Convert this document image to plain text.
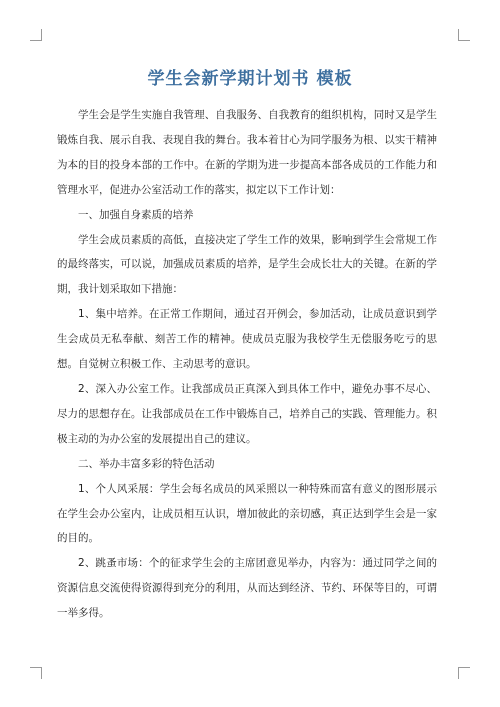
学生会新学期计划书 模板

学生会是学生实施自我管理、自我服务、自我教育的组织机构，同时又是学生锻炼自我、展示自我、表现自我的舞台。我本着甘心为同学服务为根、以实干精神为本的目的投身本部的工作中。在新的学期为进一步提高本部各成员的工作能力和管理水平，促进办公室活动工作的落实，拟定以下工作计划：

一、加强自身素质的培养

学生会成员素质的高低，直接决定了学生工作的效果，影响到学生会常规工作的最终落实，可以说，加强成员素质的培养，是学生会成长壮大的关键。在新的学期，我计划采取如下措施：

1、集中培养。在正常工作期间，通过召开例会，参加活动，让成员意识到学生会成员无私奉献、刻苦工作的精神。使成员克服为我校学生无偿服务吃亏的思想。自觉树立积极工作、主动思考的意识。

2、深入办公室工作。让我部成员正真深入到具体工作中，避免办事不尽心、尽力的思想存在。让我部成员在工作中锻炼自己，培养自己的实践、管理能力。积极主动的为办公室的发展提出自己的建议。

二、举办丰富多彩的特色活动

1、个人风采展：学生会每名成员的风采照以一种特殊而富有意义的图形展示在学生会办公室内，让成员相互认识，增加彼此的亲切感，真正达到学生会是一家的目的。

2、跳蚤市场：个的征求学生会的主席团意见举办，内容为：通过同学之间的资源信息交流使得资源得到充分的利用，从而达到经济、节约、环保等目的，可谓一举多得。
